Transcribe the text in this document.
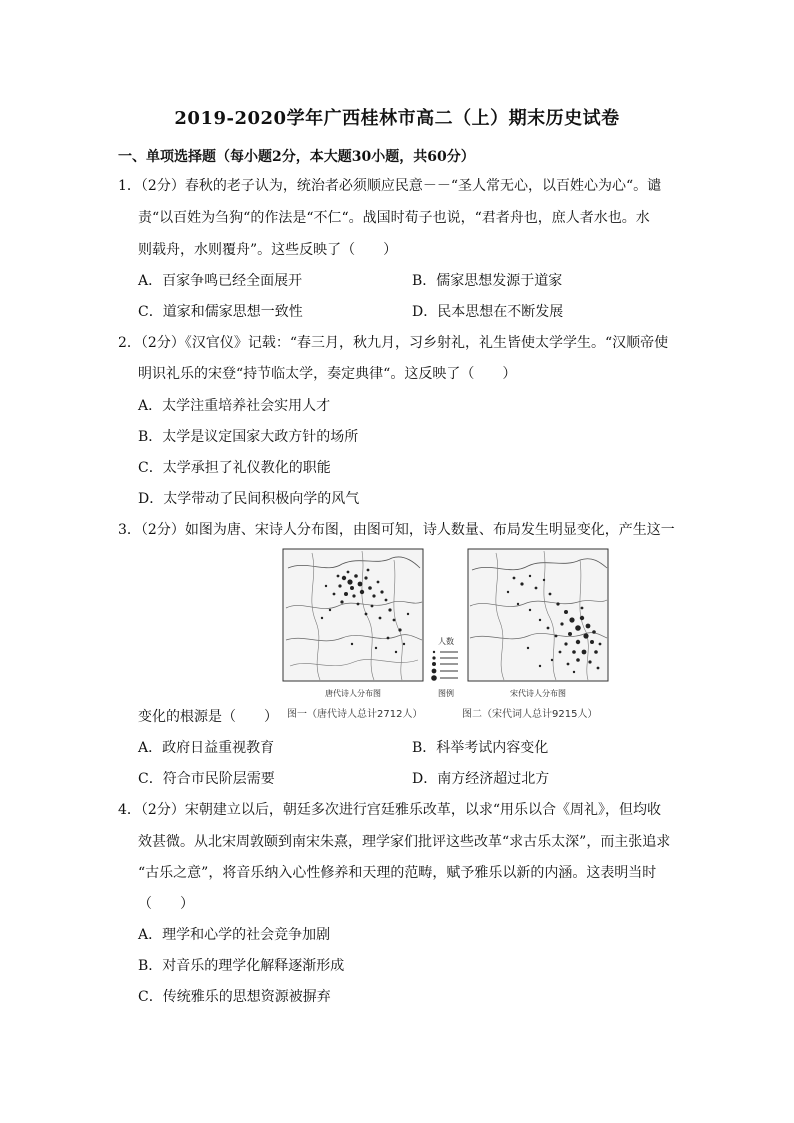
2019-2020学年广西桂林市高二（上）期末历史试卷
一、单项选择题（每小题2分，本大题30小题，共60分）
1．（2分）春秋的老子认为，统治者必须顺应民意－－“圣人常无心，以百姓心为心“。谴
责“以百姓为刍狗“的作法是“不仁“。战国时荀子也说，“君者舟也，庶人者水也。水
则载舟，水则覆舟”。这些反映了（　　）
A．百家争鸣已经全面展开	B．儒家思想发源于道家
C．道家和儒家思想一致性	D．民本思想在不断发展
2．（2分）《汉官仪》记载：“春三月，秋九月，习乡射礼，礼生皆使太学学生。“汉顺帝使
明识礼乐的宋登“持节临太学，奏定典律“。这反映了（　　）
A．太学注重培养社会实用人才
B．太学是议定国家大政方针的场所
C．太学承担了礼仪教化的职能
D．太学带动了民间积极向学的风气
3．（2分）如图为唐、宋诗人分布图，由图可知，诗人数量、布局发生明显变化，产生这一
唐代诗人分布图
人数
图例	宋代诗人分布图
变化的根源是（　　） 图一（唐代诗人总计2712人）	图二（宋代词人总计9215人）
A．政府日益重视教育	B．科举考试内容变化
C．符合市民阶层需要	D．南方经济超过北方
4．（2分）宋朝建立以后，朝廷多次进行宫廷雅乐改革，以求“用乐以合《周礼》，但均收
效甚微。从北宋周敦颐到南宋朱熹，理学家们批评这些改革“求古乐太深”，而主张追求
“古乐之意”，将音乐纳入心性修养和天理的范畴，赋予雅乐以新的内涵。这表明当时
（　　）
A．理学和心学的社会竞争加剧
B．对音乐的理学化解释逐渐形成
C．传统雅乐的思想资源被摒弃
